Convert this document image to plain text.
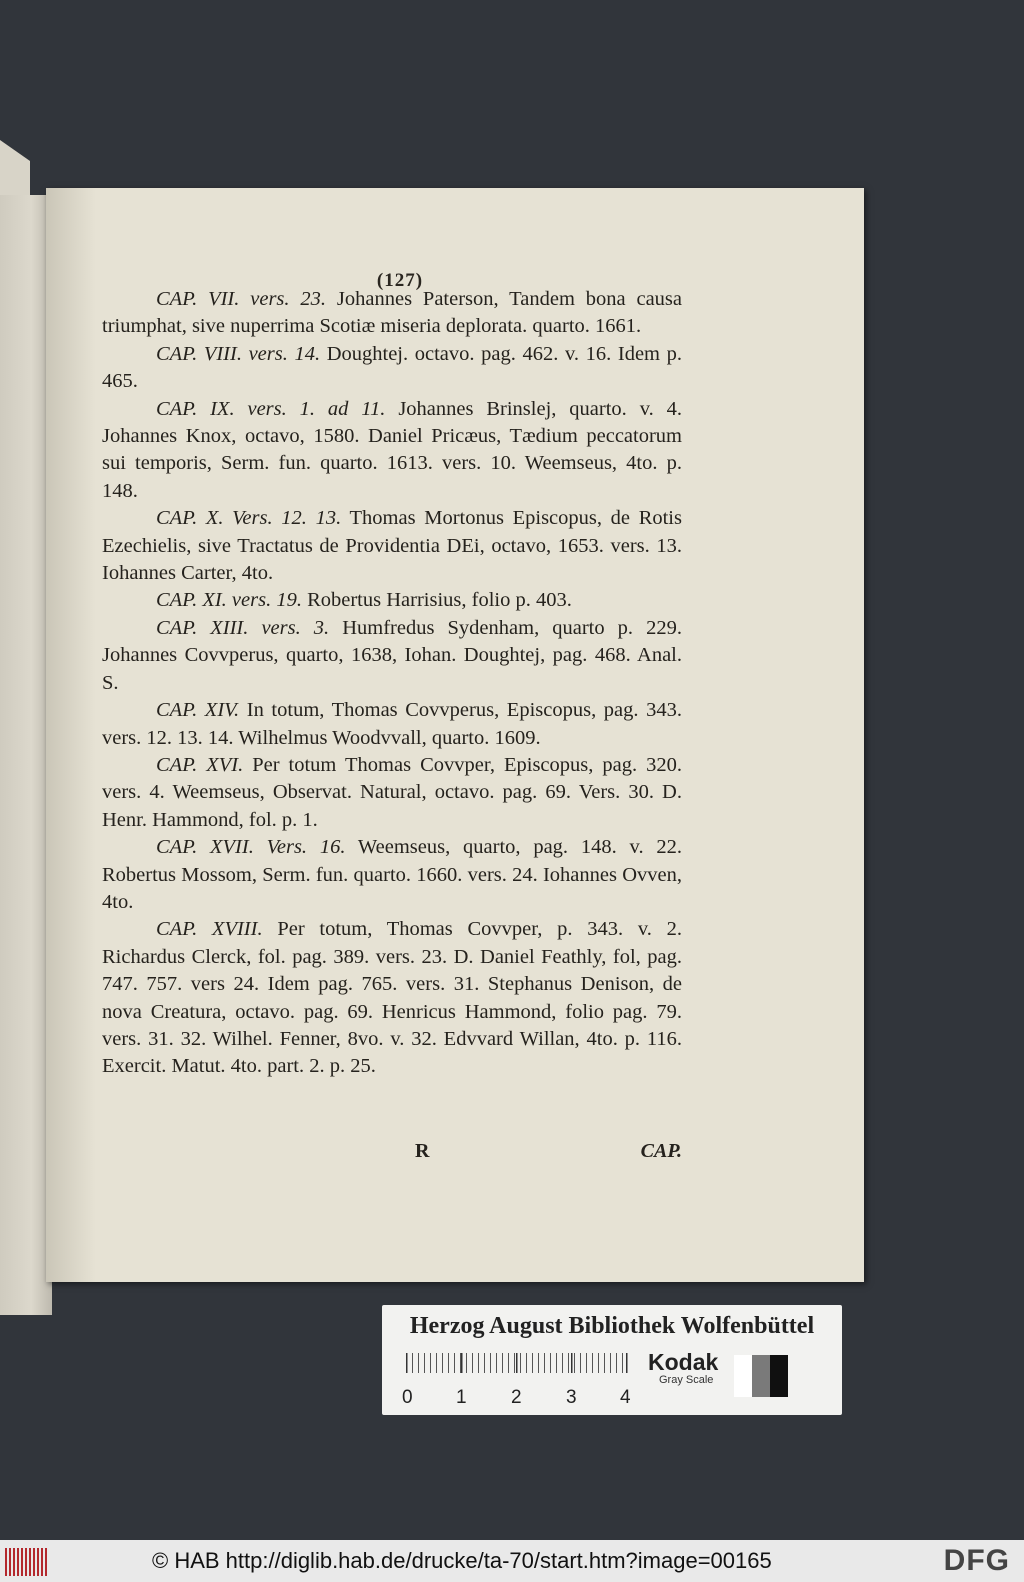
(127)

CAP. VII. vers. 23. Johannes Paterson, Tandem bona causa triumphat, sive nuperrima Scotiæ miseria deplorata. quarto. 1661.

CAP. VIII. vers. 14. Doughtej. octavo. pag. 462. v. 16. Idem p. 465.

CAP. IX. vers. 1. ad 11. Johannes Brinslej, quarto. v. 4. Johannes Knox, octavo, 1580. Daniel Pricæus, Tædium peccatorum sui temporis, Serm. fun. quarto. 1613. vers. 10. Weemseus, 4to. p. 148.

CAP. X. Vers. 12. 13. Thomas Mortonus Episcopus, de Rotis Ezechielis, sive Tractatus de Providentia DEi, octavo, 1653. vers. 13. Iohannes Carter, 4to.

CAP. XI. vers. 19. Robertus Harrisius, folio p. 403.

CAP. XIII. vers. 3. Humfredus Sydenham, quarto p. 229. Johannes Covvperus, quarto, 1638, Iohan. Doughtej, pag. 468. Anal. S.

CAP. XIV. In totum, Thomas Covvperus, Episcopus, pag. 343. vers. 12. 13. 14. Wilhelmus Woodvvall, quarto. 1609.

CAP. XVI. Per totum Thomas Covvper, Episcopus, pag. 320. vers. 4. Weemseus, Observat. Natural, octavo. pag. 69. Vers. 30. D. Henr. Hammond, fol. p. 1.

CAP. XVII. Vers. 16. Weemseus, quarto, pag. 148. v. 22. Robertus Mossom, Serm. fun. quarto. 1660. vers. 24. Iohannes Ovven, 4to.

CAP. XVIII. Per totum, Thomas Covvper, p. 343. v. 2. Richardus Clerck, fol. pag. 389. vers. 23. D. Daniel Feathly, fol, pag. 747. 757. vers 24. Idem pag. 765. vers. 31. Stephanus Denison, de nova Creatura, octavo. pag. 69. Henricus Hammond, folio pag. 79. vers. 31. 32. Wilhel. Fenner, 8vo. v. 32. Edvvard Willan, 4to. p. 116. Exercit. Matut. 4to. part. 2. p. 25.

R	CAP.
Herzog August Bibliothek Wolfenbüttel
0 1 2 3 4
Kodak
Gray Scale
© HAB http://diglib.hab.de/drucke/ta-70/start.htm?image=00165	DFG
